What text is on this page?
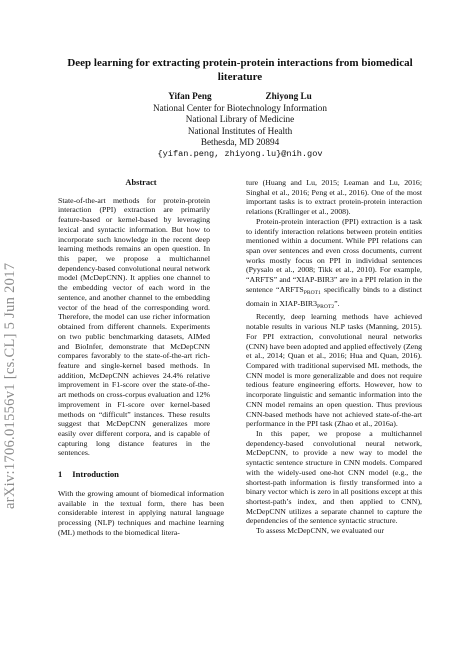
arXiv:1706.01556v1 [cs.CL] 5 Jun 2017
Deep learning for extracting protein-protein interactions from biomedical literature
Yifan Peng	Zhiyong Lu
National Center for Biotechnology Information
National Library of Medicine
National Institutes of Health
Bethesda, MD 20894
{yifan.peng, zhiyong.lu}@nih.gov
Abstract

State-of-the-art methods for protein-protein interaction (PPI) extraction are primarily feature-based or kernel-based by leveraging lexical and syntactic information. But how to incorporate such knowledge in the recent deep learning methods remains an open question. In this paper, we propose a multichannel dependency-based convolutional neural network model (McDepCNN). It applies one channel to the embedding vector of each word in the sentence, and another channel to the embedding vector of the head of the corresponding word. Therefore, the model can use richer information obtained from different channels. Experiments on two public benchmarking datasets, AIMed and BioInfer, demonstrate that McDepCNN compares favorably to the state-of-the-art rich-feature and single-kernel based methods. In addition, McDepCNN achieves 24.4% relative improvement in F1-score over the state-of-the-art methods on cross-corpus evaluation and 12% improvement in F1-score over kernel-based methods on “difficult” instances. These results suggest that McDepCNN generalizes more easily over different corpora, and is capable of capturing long distance features in the sentences.

1 Introduction

With the growing amount of biomedical information available in the textual form, there has been considerable interest in applying natural language processing (NLP) techniques and machine learning (ML) methods to the biomedical litera-

ture (Huang and Lu, 2015; Leaman and Lu, 2016; Singhal et al., 2016; Peng et al., 2016). One of the most important tasks is to extract protein-protein interaction relations (Krallinger et al., 2008).

Protein-protein interaction (PPI) extraction is a task to identify interaction relations between protein entities mentioned within a document. While PPI relations can span over sentences and even cross documents, current works mostly focus on PPI in individual sentences (Pyysalo et al., 2008; Tikk et al., 2010). For example, “ARFTS” and “XIAP-BIR3” are in a PPI relation in the sentence “$ARFTS_{PROT1}$ specifically binds to a distinct domain in XIAP-$BIR3_{PROT2}$”.

Recently, deep learning methods have achieved notable results in various NLP tasks (Manning, 2015). For PPI extraction, convolutional neural networks (CNN) have been adopted and applied effectively (Zeng et al., 2014; Quan et al., 2016; Hua and Quan, 2016). Compared with traditional supervised ML methods, the CNN model is more generalizable and does not require tedious feature engineering efforts. However, how to incorporate linguistic and semantic information into the CNN model remains an open question. Thus previous CNN-based methods have not achieved state-of-the-art performance in the PPI task (Zhao et al., 2016a).

In this paper, we propose a multichannel dependency-based convolutional neural network, McDepCNN, to provide a new way to model the syntactic sentence structure in CNN models. Compared with the widely-used one-hot CNN model (e.g., the shortest-path information is firstly transformed into a binary vector which is zero in all positions except at this shortest-path’s index, and then applied to CNN), McDepCNN utilizes a separate channel to capture the dependencies of the sentence syntactic structure.

To assess McDepCNN, we evaluated our
